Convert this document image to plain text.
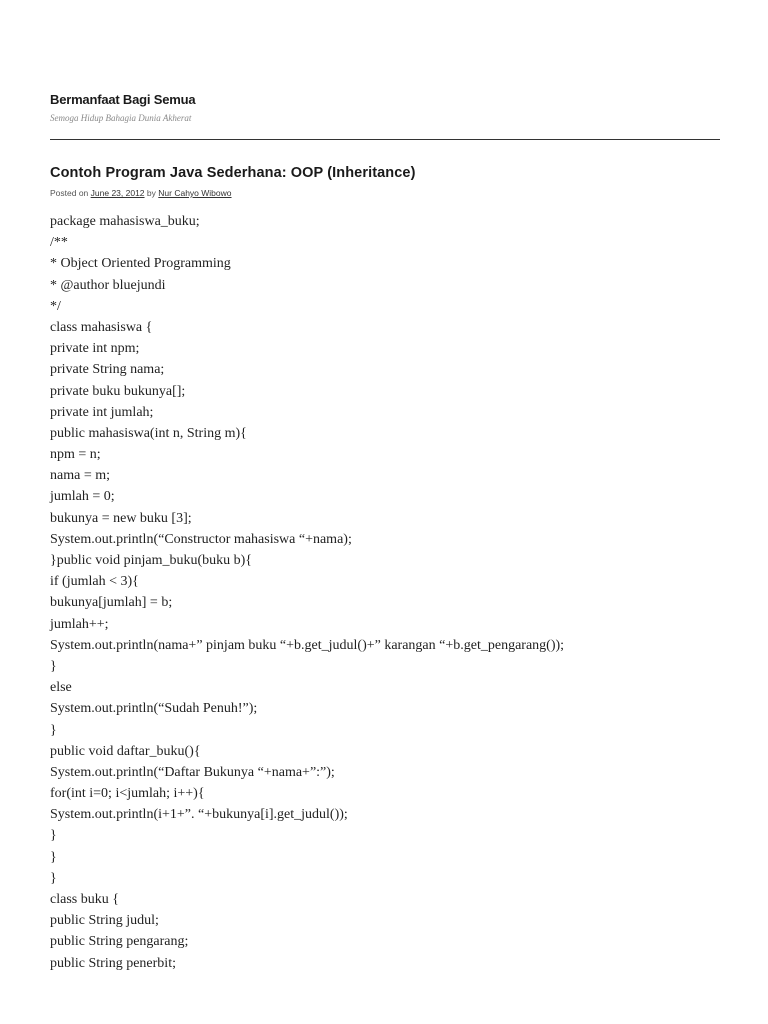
Bermanfaat Bagi Semua
Semoga Hidup Bahagia Dunia Akherat
Contoh Program Java Sederhana: OOP (Inheritance)
Posted on June 23, 2012 by Nur Cahyo Wibowo
package mahasiswa_buku;
/**
* Object Oriented Programming
* @author bluejundi
*/
class mahasiswa {
private int npm;
private String nama;
private buku bukunya[];
private int jumlah;
public mahasiswa(int n, String m){
npm = n;
nama = m;
jumlah = 0;
bukunya = new buku [3];
System.out.println(“Constructor mahasiswa “+nama);
}public void pinjam_buku(buku b){
if (jumlah < 3){
bukunya[jumlah] = b;
jumlah++;
System.out.println(nama+” pinjam buku “+b.get_judul()+” karangan “+b.get_pengarang());
}
else
System.out.println(“Sudah Penuh!”);
}
public void daftar_buku(){
System.out.println(“Daftar Bukunya “+nama+”:”);
for(int i=0; i<jumlah; i++){
System.out.println(i+1+”. “+bukunya[i].get_judul());
}
}
}
class buku {
public String judul;
public String pengarang;
public String penerbit;
